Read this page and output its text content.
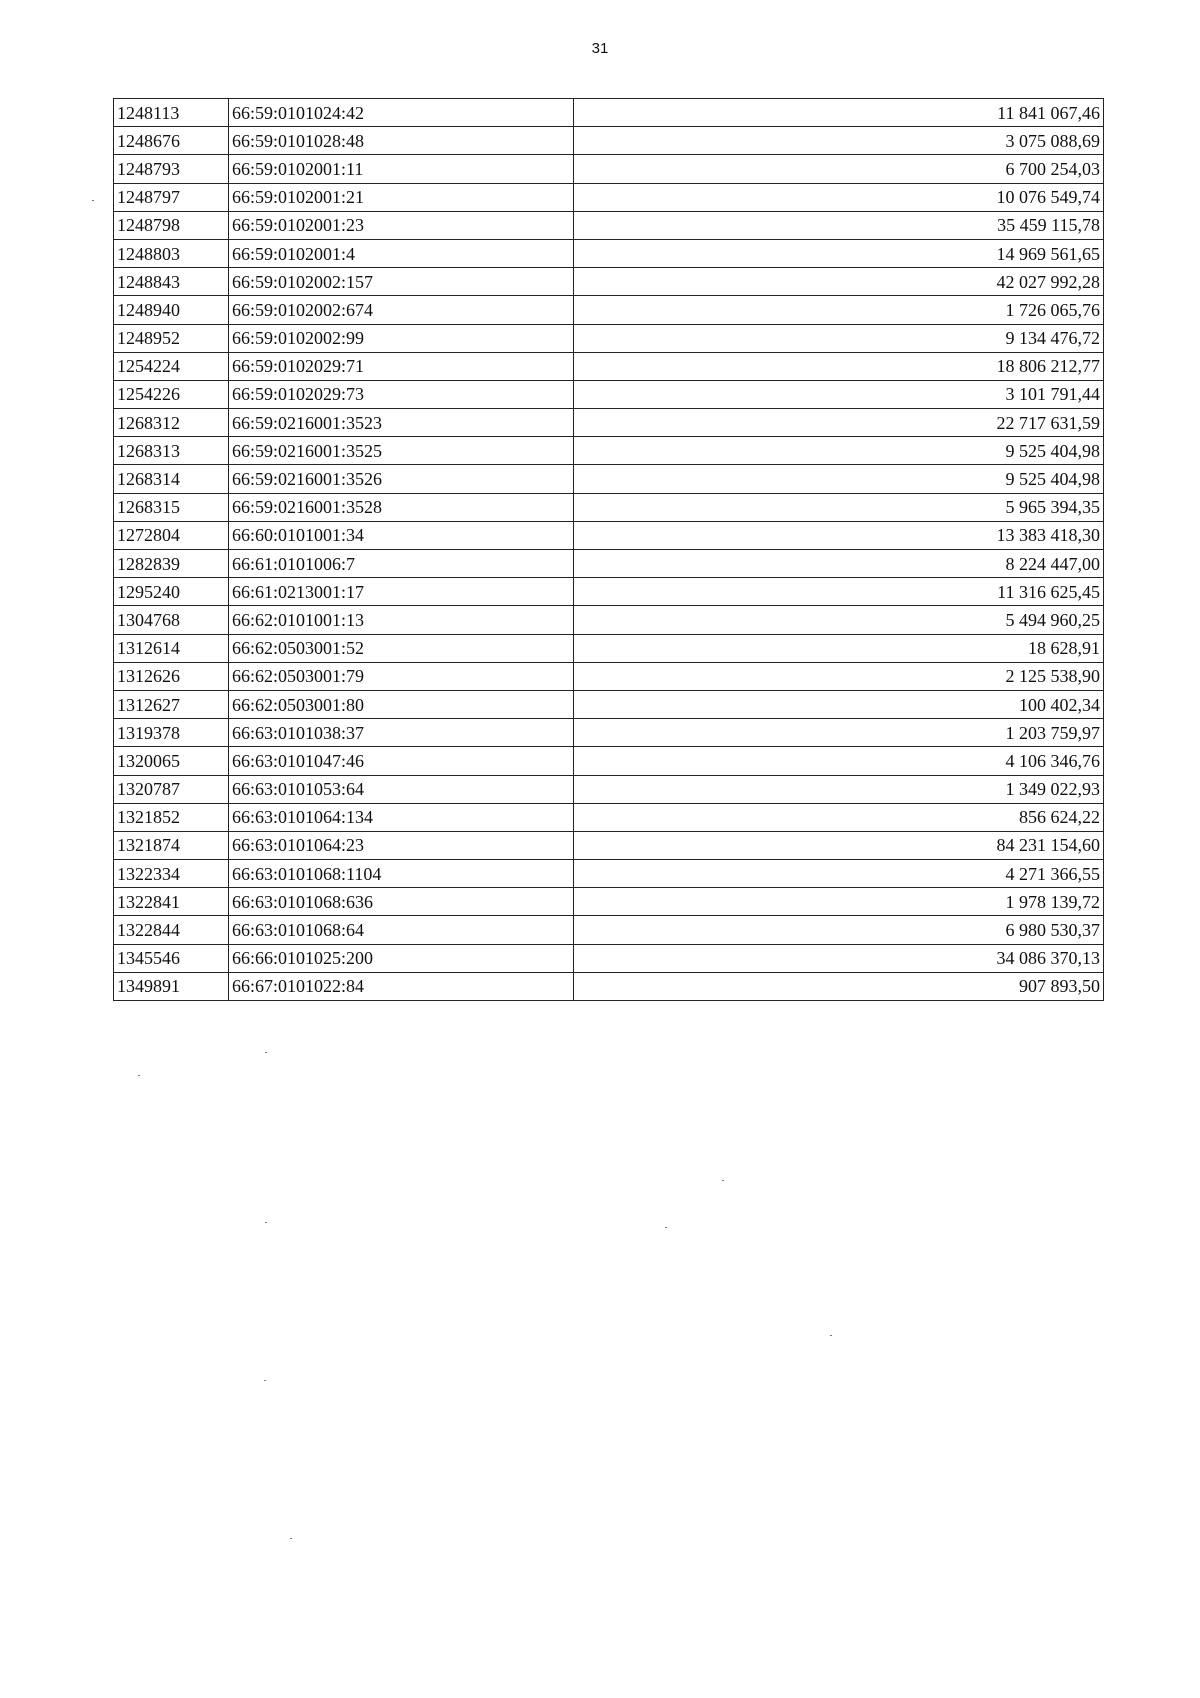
31
1248113	66:59:0101024:42	11 841 067,46
1248676	66:59:0101028:48	3 075 088,69
1248793	66:59:0102001:11	6 700 254,03
1248797	66:59:0102001:21	10 076 549,74
1248798	66:59:0102001:23	35 459 115,78
1248803	66:59:0102001:4	14 969 561,65
1248843	66:59:0102002:157	42 027 992,28
1248940	66:59:0102002:674	1 726 065,76
1248952	66:59:0102002:99	9 134 476,72
1254224	66:59:0102029:71	18 806 212,77
1254226	66:59:0102029:73	3 101 791,44
1268312	66:59:0216001:3523	22 717 631,59
1268313	66:59:0216001:3525	9 525 404,98
1268314	66:59:0216001:3526	9 525 404,98
1268315	66:59:0216001:3528	5 965 394,35
1272804	66:60:0101001:34	13 383 418,30
1282839	66:61:0101006:7	8 224 447,00
1295240	66:61:0213001:17	11 316 625,45
1304768	66:62:0101001:13	5 494 960,25
1312614	66:62:0503001:52	18 628,91
1312626	66:62:0503001:79	2 125 538,90
1312627	66:62:0503001:80	100 402,34
1319378	66:63:0101038:37	1 203 759,97
1320065	66:63:0101047:46	4 106 346,76
1320787	66:63:0101053:64	1 349 022,93
1321852	66:63:0101064:134	856 624,22
1321874	66:63:0101064:23	84 231 154,60
1322334	66:63:0101068:1104	4 271 366,55
1322841	66:63:0101068:636	1 978 139,72
1322844	66:63:0101068:64	6 980 530,37
1345546	66:66:0101025:200	34 086 370,13
1349891	66:67:0101022:84	907 893,50
